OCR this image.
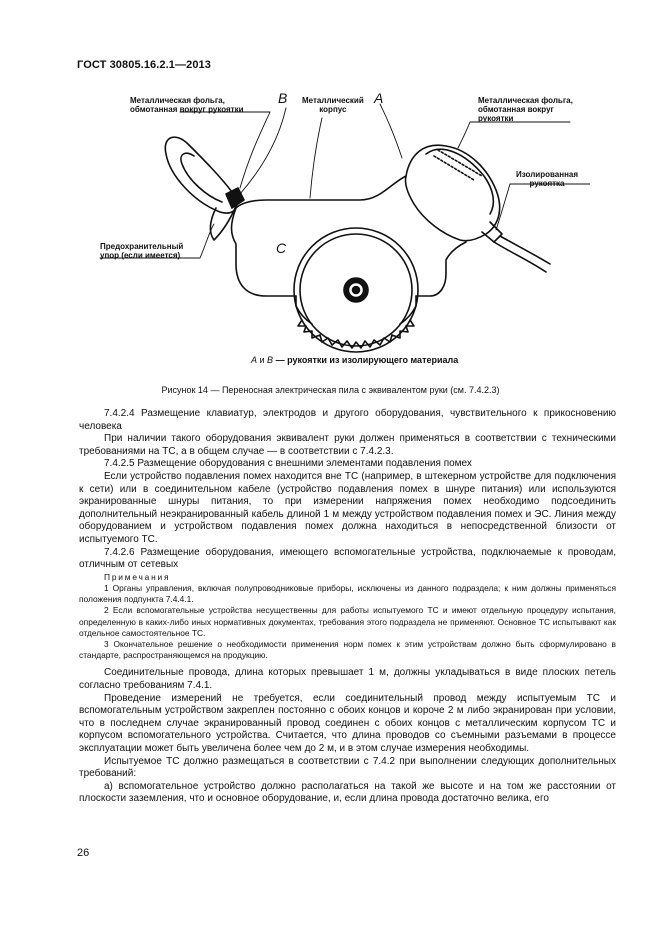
ГОСТ 30805.16.2.1—2013
Металлическая фольга,
обмотанная вокруг рукоятки
B Металлический
корпус
A	Металлическая фольга,
обмотанная вокруг рукоятки
Изолированная
рукоятка
Предохранительный
упор (если имеется)	C
А и В — рукоятки из изолирующего материала
Рисунок 14 — Переносная электрическая пила с эквивалентом руки (см. 7.4.2.3)

7.4.2.4 Размещение клавиатур, электродов и другого оборудования, чувствительного к прикосновению человека

При наличии такого оборудования эквивалент руки должен применяться в соответствии с техническими требованиями на ТС, а в общем случае — в соответствии с 7.4.2.3.

7.4.2.5 Размещение оборудования с внешними элементами подавления помех

Если устройство подавления помех находится вне ТС (например, в штекерном устройстве для подключения к сети) или в соединительном кабеле (устройство подавления помех в шнуре питания) или используются экранированные шнуры питания, то при измерении напряжения помех необходимо подсоединить дополнительный неэкранированный кабель длиной 1 м между устройством подавления помех и ЭС. Линия между оборудованием и устройством подавления помех должна находиться в непосредственной близости от испытуемого ТС.

7.4.2.6 Размещение оборудования, имеющего вспомогательные устройства, подключаемые к проводам, отличным от сетевых

Примечания

1 Органы управления, включая полупроводниковые приборы, исключены из данного подраздела; к ним должны применяться положения подпункта 7.4.4.1.

2 Если вспомогательные устройства несущественны для работы испытуемого ТС и имеют отдельную процедуру испытания, определенную в каких-либо иных нормативных документах, требования этого подраздела не применяют. Основное ТС испытывают как отдельное самостоятельное ТС.

3 Окончательное решение о необходимости применения норм помех к этим устройствам должно быть сформулировано в стандарте, распространяющемся на продукцию.

Соединительные провода, длина которых превышает 1 м, должны укладываться в виде плоских петель согласно требованиям 7.4.1.

Проведение измерений не требуется, если соединительный провод между испытуемым ТС и вспомогательным устройством закреплен постоянно с обоих концов и короче 2 м либо экранирован при условии, что в последнем случае экранированный провод соединен с обоих концов с металлическим корпусом ТС и корпусом вспомогательного устройства. Считается, что длина проводов со съемными разъемами в процессе эксплуатации может быть увеличена более чем до 2 м, и в этом случае измерения необходимы.

Испытуемое ТС должно размещаться в соответствии с 7.4.2 при выполнении следующих дополнительных требований:

а) вспомогательное устройство должно располагаться на такой же высоте и на том же расстоянии от плоскости заземления, что и основное оборудование, и, если длина провода достаточно велика, его

26
